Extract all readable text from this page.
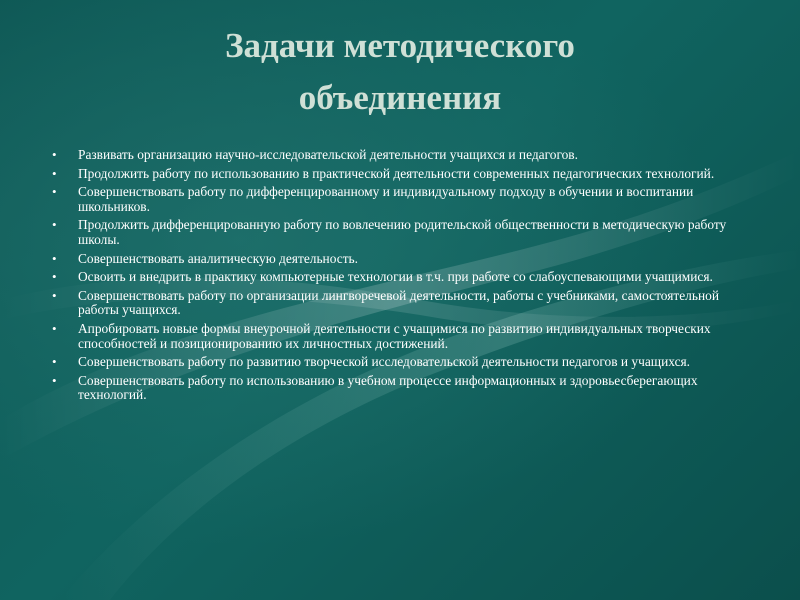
Задачи методического
объединения
• Развивать организацию научно-исследовательской деятельности учащихся и педагогов.
• Продолжить работу по использованию в практической деятельности современных педагогических технологий.
• Совершенствовать работу по дифференцированному и индивидуальному подходу в обучении и воспитании школьников.
• Продолжить дифференцированную работу по вовлечению родительской общественности в методическую работу школы.
• Совершенствовать аналитическую деятельность.
• Освоить и внедрить в практику компьютерные технологии в т.ч. при работе со слабоуспевающими учащимися.
• Совершенствовать работу по организации лингворечевой деятельности, работы с учебниками, самостоятельной работы учащихся.
• Апробировать новые формы внеурочной деятельности с учащимися по развитию индивидуальных творческих способностей и позиционированию их личностных достижений.
• Совершенствовать работу по развитию творческой исследовательской деятельности педагогов и учащихся.
• Совершенствовать работу по использованию в учебном процессе информационных и здоровьесберегающих технологий.
